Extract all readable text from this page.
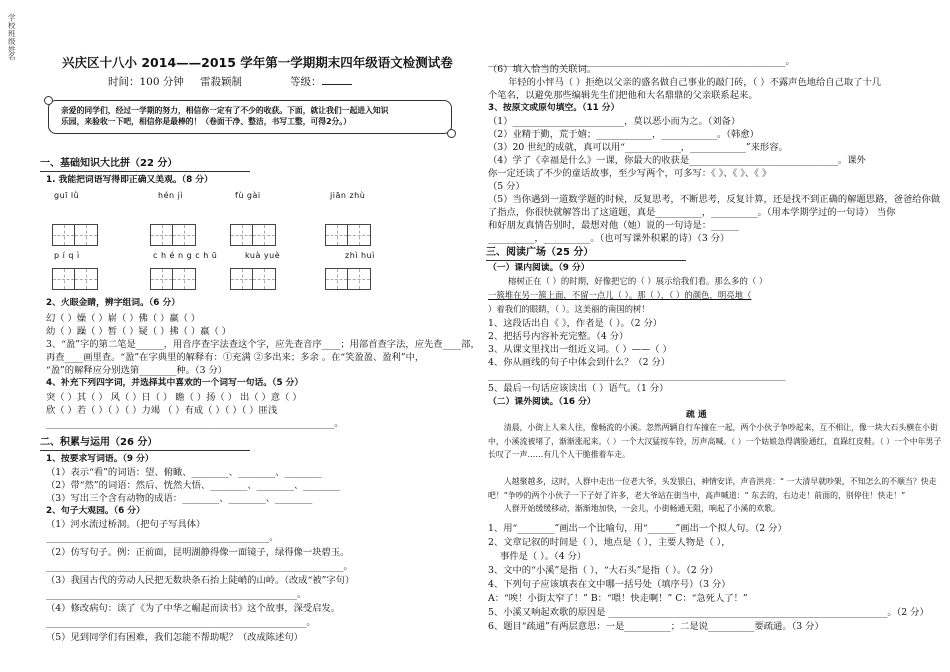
学校
班级
姓名	兴庆区十八小 2014——2015 学年第一学期期末四年级语文检测试卷
时间：100 分钟 雷殺颖制	等级：
亲爱的同学们，经过一学期的努力，相信你一定有了不少的收获。下面，就让我们一起进入知识
乐园，来验收一下吧，相信你是最棒的！（卷面干净、整洁，书写工整，可得2分。）
一、基础知识大比拼（22 分）
1. 我能把词语写得即正确又美观。（8 分）
guī lǜ	hén jì	fù gài	jiān zhù
p í q ì	c h é n g c h ū	kuà yuè	zhì huì
2、火眼金睛，辨字组词。（6 分）
幻（ ）燥（ ）崭（ ）佛（ ）赢（ ）
幼（ ）躁（ ）暂（ ）疑（ ）拂（ ）羸（ ）
3、“盈”字的第二笔是______，用音序查字法查这个字，应先查音序____；用部首查字法，应先查____部，
再查____画里查。“盈”在字典里的解释有：①充满 ②多出来；多余 。在“笑盈盈、盈利”中，
“盈”的解释应分别选第________种。（3 分）
4、补充下列四字词，并选择其中喜欢的一个词写一句话。（5 分）
突（ ）其（ ） 风（ ）日（ ） 瞻（ ）扬（ ） 出（ ）意（ ）
欣（ ）若（ ）（ ）（ ）力竭 （ ）有成（ ）（ ）（ ）匪浅
______________________________________________________________。
二、积累与运用（26 分）
1、按要求写词语。（9 分）
（1）表示“看”的词语：望、俯瞰、________、________、________
（2）带“然”的词语：然后、恍然大悟、________、________、________
（3）写出三个含有动物的成语：________、________、________
2、句子大观园。（6 分）
（1）河水流过桥洞。（把句子写具体）
________________________________________________。
（2）仿写句子。例：正前面，昆明湖静得像一面镜子，绿得像一块碧玉。
________________________________________________________________。
（3）我国古代的劳动人民把无数块条石抬上陡峭的山岭。（改成“被”字句）
______________________________________________________。
（4）修改病句：读了《为了中华之崛起而读书》这个故事，深受启发。
________________________________________________________。
（5）见到同学们有困难，我们怎能不帮助呢？（改成陈述句）
________________________________________________________________。
（6）填入恰当的关联词。
年轻的小怦马（ ）拒绝以父亲的盛名做自己事业的敲门砖，（ ）不露声色地给自己取了十几
个笔名，以避免那些编辑先生们把他和大名鼎鼎的父亲联系起来。
3、按原文或原句填空。（11 分）
（1）________________________，莫以恶小而为之。（刘备）
（2）业精于勤，荒于嬉；____________，____________。（韩愈）
（3）20 世纪的成就，真可以用“____________，____________”来形容。
（4）学了《幸福是什么》一课，你最大的收获是________________________________。课外
你一定还读了不少的童话故事，至少写两个，可多写：《 》、《 》、《 》
（5 分）
（5）当你遇到一道数学题的时候，反复思考，不断思考，反复计算，还是找不到正确的解题思路，爸爸给你做
了指点，你很快就解答出了这道题，真是__________，__________。（用本学期学过的一句诗） 当你
和好朋友真情告别时，最想对他（她）说的一句诗是：______
__________，__________。（也可写课外积累的诗）（3 分）
三、阅读广场（25 分）
（一）课内阅读。（9 分）
榕树正在（ ）的时期，好像把它的（ ）展示给我们看。那么多的（ ）
一簇堆在另一簇上面，不留一点儿（ ）。那（ ），（ ）的颜色，明亮地（
）着我们的眼睛，（ ）。这美丽的南国的树！
1、这段话出自《 》，作者是（ ）。（2 分）
2、把括号内容补充完整。（4 分）
3、从课文里找出一组近义词。（ ）——（ ）
4、你从画线的句子中体会到什么？（2 分）
________________________________________________________________
5、最后一句话应该读出（ ）语气。（1 分）
（二）课外阅读。（16 分）
疏 通
清晨，小街上人来人往，像畅流的小溪。忽然两辆自行车撞在一起，两个小伙子争吵起来，互不相让，像一块大石头横在小街中，小溪流被堵了，渐渐涨起来。（ ）一个大汉猛按车铃，厉声高喊。（ ）一个姑娘急得满脸通红，直跺红皮鞋。（ ）一个中年男子长叹了一声……有几个人干脆推着车走。
人越聚越多，这时，人群中走出一位老大爷，头发银白，神情安详，声音洪亮：“ 一大清早就吵架，不知怎么的不顺当？快走吧！”争吵的两个小伙子一下子好了许多，老大爷站在街当中，高声喊道：“ 东去的，右边走！前面的，别停住！快走！”
人群开始缓缓移动，渐渐地加快，一会儿，小街畅通无阻，响起了小溪的欢歌。
1、用“________”画出一个比喻句，用“______”画出一个拟人句。（2 分）
2、文章记叙的时间是（ ），地点是（ ），主要人物是（ ），
事件是（ ）。（4 分）
3、文中的“小溪”是指（ ），“大石头”是指（ ）。（2 分）
4、下列句子应该填表在文中哪一括号处（填序号）（3 分）
A：“唉！小街太窄了！” B：“喂！快走啊！” C：“急死人了！”
5、小溪又响起欢歌的原因是 ____________________________________________________________。（2 分）
6、题目“疏通”有两层意思：一是__________；二是说__________要疏通。（3 分）
